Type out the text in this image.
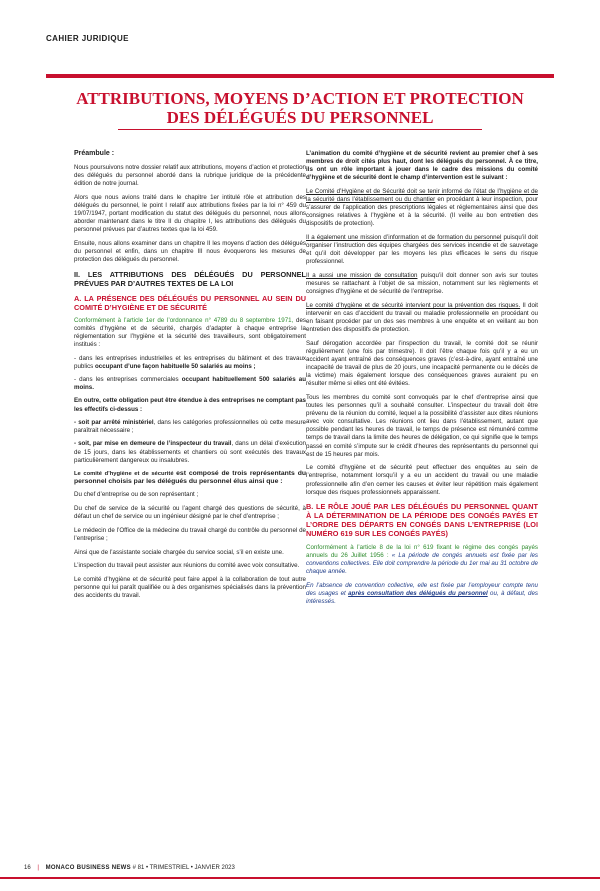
CAHIER JURIDIQUE
ATTRIBUTIONS, MOYENS D’ACTION ET PROTECTION
DES DÉLÉGUÉS DU PERSONNEL

Préambule :

Nous poursuivons notre dossier relatif aux attributions, moyens d’action et protection des délégués du personnel abordé dans la rubrique juridique de la précédente édition de notre journal.

Alors que nous avions traité dans le chapitre 1er intitulé rôle et attribution des délégués du personnel, le point I relatif aux attributions fixées par la loi n° 459 du 19/07/1947, portant modification du statut des délégués du personnel, nous allons aborder maintenant dans le titre II du chapitre I, les attributions des délégués du personnel prévues par d’autres textes que la loi 459.

Ensuite, nous allons examiner dans un chapitre II les moyens d’action des délégués du personnel et enfin, dans un chapitre III nous évoquerons les mesures de protection des délégués du personnel.

II. LES ATTRIBUTIONS DES DÉLÉGUÉS DU PERSONNEL PRÉVUES PAR D’AUTRES TEXTES DE LA LOI

A. LA PRÉSENCE DES DÉLÉGUÉS DU PERSONNEL AU SEIN DU COMITÉ D’HYGIÈNE ET DE SÉCURITÉ

Conformément à l’article 1er de l’ordonnance n° 4789 du 8 septembre 1971, des comités d’hygiène et de sécurité, chargés d’adapter à chaque entreprise la réglementation sur l’hygiène et la sécurité des travailleurs, sont obligatoirement institués :

- dans les entreprises industrielles et les entreprises du bâtiment et des travaux publics occupant d’une façon habituelle 50 salariés au moins ;
- dans les entreprises commerciales occupant habituellement 500 salariés au moins.

En outre, cette obligation peut être étendue à des entreprises ne comptant pas les effectifs ci-dessus :

- soit par arrêté ministériel, dans les catégories professionnelles où cette mesure paraîtrait nécessaire ;
- soit, par mise en demeure de l’inspecteur du travail, dans un délai d’exécution de 15 jours, dans les établissements et chantiers où sont exécutés des travaux particulièrement dangereux ou insalubres.

Le comité d’hygiène et de sécurité est composé de trois représentants du personnel choisis par les délégués du personnel élus ainsi que :

Du chef d’entreprise ou de son représentant ;

Du chef de service de la sécurité ou l’agent chargé des questions de sécurité, à défaut un chef de service ou un ingénieur désigné par le chef d’entreprise ;

Le médecin de l’Office de la médecine du travail chargé du contrôle du personnel de l’entreprise ;

Ainsi que de l’assistante sociale chargée du service social, s’il en existe une.

L’inspection du travail peut assister aux réunions du comité avec voix consultative.

Le comité d’hygiène et de sécurité peut faire appel à la collaboration de tout autre personne qui lui paraît qualifiée ou à des organismes spécialisés dans la prévention des accidents du travail.

L’animation du comité d’hygiène et de sécurité revient au premier chef à ses membres de droit cités plus haut, dont les délégués du personnel. À ce titre, ils ont un rôle important à jouer dans le cadre des missions du comité d’hygiène et de sécurité dont le champ d’intervention est le suivant :

Le Comité d’Hygiène et de Sécurité doit se tenir informé de l’état de l’hygiène et de la sécurité dans l’établissement ou du chantier en procédant à leur inspection, pour s’assurer de l’application des prescriptions légales et réglementaires ainsi que des consignes relatives à l’hygiène et à la sécurité. (Il veille au bon entretien des dispositifs de protection).

Il a également une mission d’information et de formation du personnel puisqu’il doit organiser l’instruction des équipes chargées des services incendie et de sauvetage et qu’il doit développer par les moyens les plus efficaces le sens du risque professionnel.

Il a aussi une mission de consultation puisqu’il doit donner son avis sur toutes mesures se rattachant à l’objet de sa mission, notamment sur les règlements et consignes d’hygiène et de sécurité de l’entreprise.

Le comité d’hygiène et de sécurité intervient pour la prévention des risques. Il doit intervenir en cas d’accident du travail ou maladie professionnelle en procédant ou en faisant procéder par un des ses membres à une enquête et en veillant au bon entretien des dispositifs de protection.

Sauf dérogation accordée par l’inspection du travail, le comité doit se réunir régulièrement (une fois par trimestre). Il doit l’être chaque fois qu’il y a eu un accident ayant entraîné des conséquences graves (c’est-à-dire, ayant entraîné une incapacité de travail de plus de 20 jours, une incapacité permanente ou le décès de la victime) mais également lorsque des conséquences graves auraient pu en résulter même si elles ont été évitées.

Tous les membres du comité sont convoqués par le chef d’entreprise ainsi que toutes les personnes qu’il a souhaité consulter. L’inspecteur du travail doit être prévenu de la réunion du comité, lequel a la possibilité d’assister aux dites réunions avec voix consultative. Les réunions ont lieu dans l’établissement, autant que possible pendant les heures de travail, le temps de présence est rémunéré comme temps de travail dans la limite des heures de délégation, ce qui signifie que le temps passé en comité s’impute sur le crédit d’heures des représentants du personnel qui est de 15 heures par mois.

Le comité d’hygiène et de sécurité peut effectuer des enquêtes au sein de l’entreprise, notamment lorsqu’il y a eu un accident du travail ou une maladie professionnelle afin d’en cerner les causes et éviter leur répétition mais également lorsque des risques professionnels apparaissent.

B. LE RÔLE JOUÉ PAR LES DÉLÉGUÉS DU PERSONNEL QUANT À LA DÉTERMINATION DE LA PÉRIODE DES CONGÉS PAYÉS ET L’ORDRE DES DÉPARTS EN CONGÉS DANS L’ENTREPRISE (LOI NUMÉRO 619 SUR LES CONGÉS PAYÉS)

Conformément à l’article 8 de la loi n° 619 fixant le régime des congés payés annuels du 26 Juillet 1956 : « La période de congés annuels est fixée par les conventions collectives. Elle doit comprendre la période du 1er mai au 31 octobre de chaque année.

En l’absence de convention collective, elle est fixée par l’employeur compte tenu des usages et après consultation des délégués du personnel ou, à défaut, des intéressés.

16 | MONACO BUSINESS NEWS # 81 • TRIMESTRIEL • JANVIER 2023
